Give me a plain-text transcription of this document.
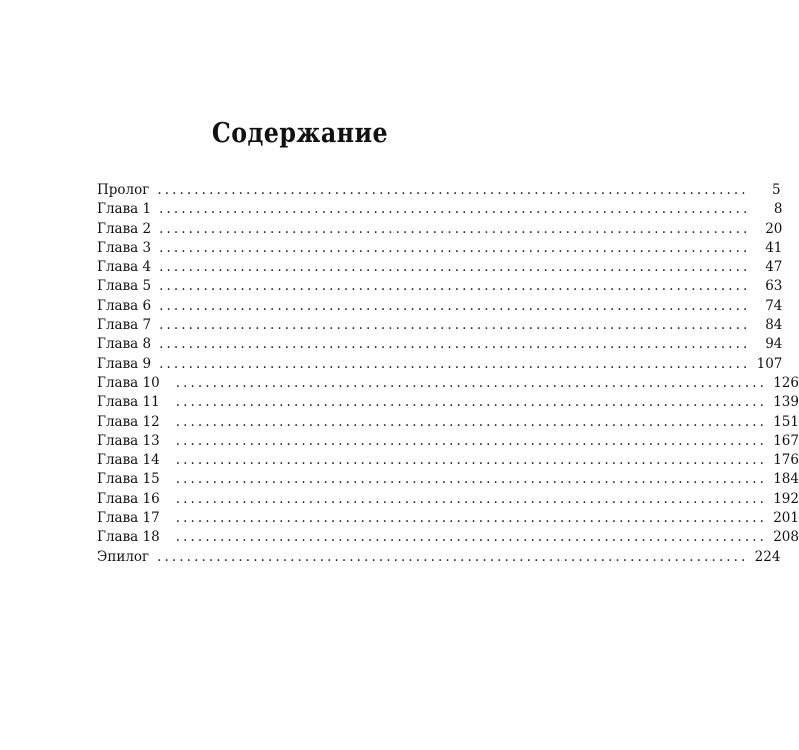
Содержание
Пролог ................................................................................	5
Глава 1 ................................................................................	8
Глава 2 ................................................................................	20
Глава 3 ................................................................................	41
Глава 4 ................................................................................	47
Глава 5 ................................................................................	63
Глава 6 ................................................................................	74
Глава 7 ................................................................................	84
Глава 8 ................................................................................	94
Глава 9 ................................................................................ 107
Глава 10 ................................................................................ 126
Глава 11 ................................................................................ 139
Глава 12 ................................................................................ 151
Глава 13 ................................................................................ 167
Глава 14 ................................................................................ 176
Глава 15 ................................................................................ 184
Глава 16 ................................................................................ 192
Глава 17 ................................................................................ 201
Глава 18 ................................................................................ 208
Эпилог ................................................................................ 224
